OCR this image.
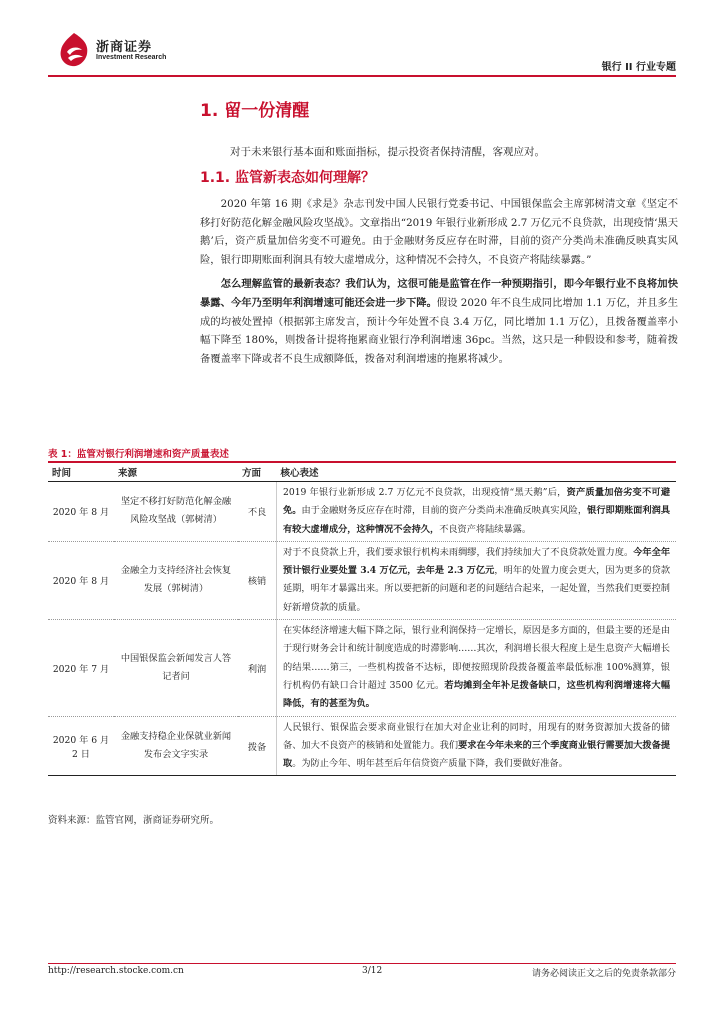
浙商证券
Investment Research
银行 II 行业专题
1. 留一份清醒

对于未来银行基本面和账面指标，提示投资者保持清醒，客观应对。

1.1. 监管新表态如何理解？

2020 年第 16 期《求是》杂志刊发中国人民银行党委书记、中国银保监会主席郭树清文章《坚定不移打好防范化解金融风险攻坚战》。文章指出“2019 年银行业新形成 2.7 万亿元不良贷款，出现疫情‘黑天鹅’后，资产质量加倍劣变不可避免。由于金融财务反应存在时滞，目前的资产分类尚未准确反映真实风险，银行即期账面利润具有较大虚增成分，这种情况不会持久，不良资产将陆续暴露。”

怎么理解监管的最新表态？我们认为，这很可能是监管在作一种预期指引，即今年银行业不良将加快暴露、今年乃至明年利润增速可能还会进一步下降。假设 2020 年不良生成同比增加 1.1 万亿，并且多生成的均被处置掉（根据郭主席发言，预计今年处置不良 3.4 万亿，同比增加 1.1 万亿），且拨备覆盖率小幅下降至 180%，则拨备计提将拖累商业银行净利润增速 36pc。当然，这只是一种假设和参考，随着拨备覆盖率下降或者不良生成额降低，拨备对利润增速的拖累将减少。

表 1：监管对银行利润增速和资产质量表述
时间	来源	方面	核心表述
2020 年 8 月	坚定不移打好防范化解金融风险攻坚战（郭树清）	不良	2019 年银行业新形成 2.7 万亿元不良贷款，出现疫情“黑天鹅”后，资产质量加倍劣变不可避免。由于金融财务反应存在时滞，目前的资产分类尚未准确反映真实风险，银行即期账面利润具有较大虚增成分，这种情况不会持久，不良资产将陆续暴露。
2020 年 8 月	金融全力支持经济社会恢复发展（郭树清）	核销	对于不良贷款上升，我们要求银行机构未雨绸缪，我们持续加大了不良贷款处置力度。今年全年预计银行业要处置 3.4 万亿元，去年是 2.3 万亿元，明年的处置力度会更大，因为更多的贷款延期，明年才暴露出来。所以要把新的问题和老的问题结合起来，一起处置，当然我们更要控制好新增贷款的质量。
2020 年 7 月	中国银保监会新闻发言人答记者问	利润	在实体经济增速大幅下降之际，银行业利润保持一定增长，原因是多方面的，但最主要的还是由于现行财务会计和统计制度造成的时滞影响……其次，利润增长很大程度上是生息资产大幅增长的结果……第三，一些机构拨备不达标，即便按照现阶段拨备覆盖率最低标准 100%测算，银行机构仍有缺口合计超过 3500 亿元。若均摊到全年补足拨备缺口，这些机构利润增速将大幅降低，有的甚至为负。
2020 年 6 月 2 日	金融支持稳企业保就业新闻发布会文字实录	拨备	人民银行、银保监会要求商业银行在加大对企业让利的同时，用现有的财务资源加大拨备的储备、加大不良资产的核销和处置能力。我们要求在今年未来的三个季度商业银行需要加大拨备提取。为防止今年、明年甚至后年信贷资产质量下降，我们要做好准备。
资料来源：监管官网，浙商证券研究所。
http://research.stocke.com.cn	3/12	请务必阅读正文之后的免责条款部分
